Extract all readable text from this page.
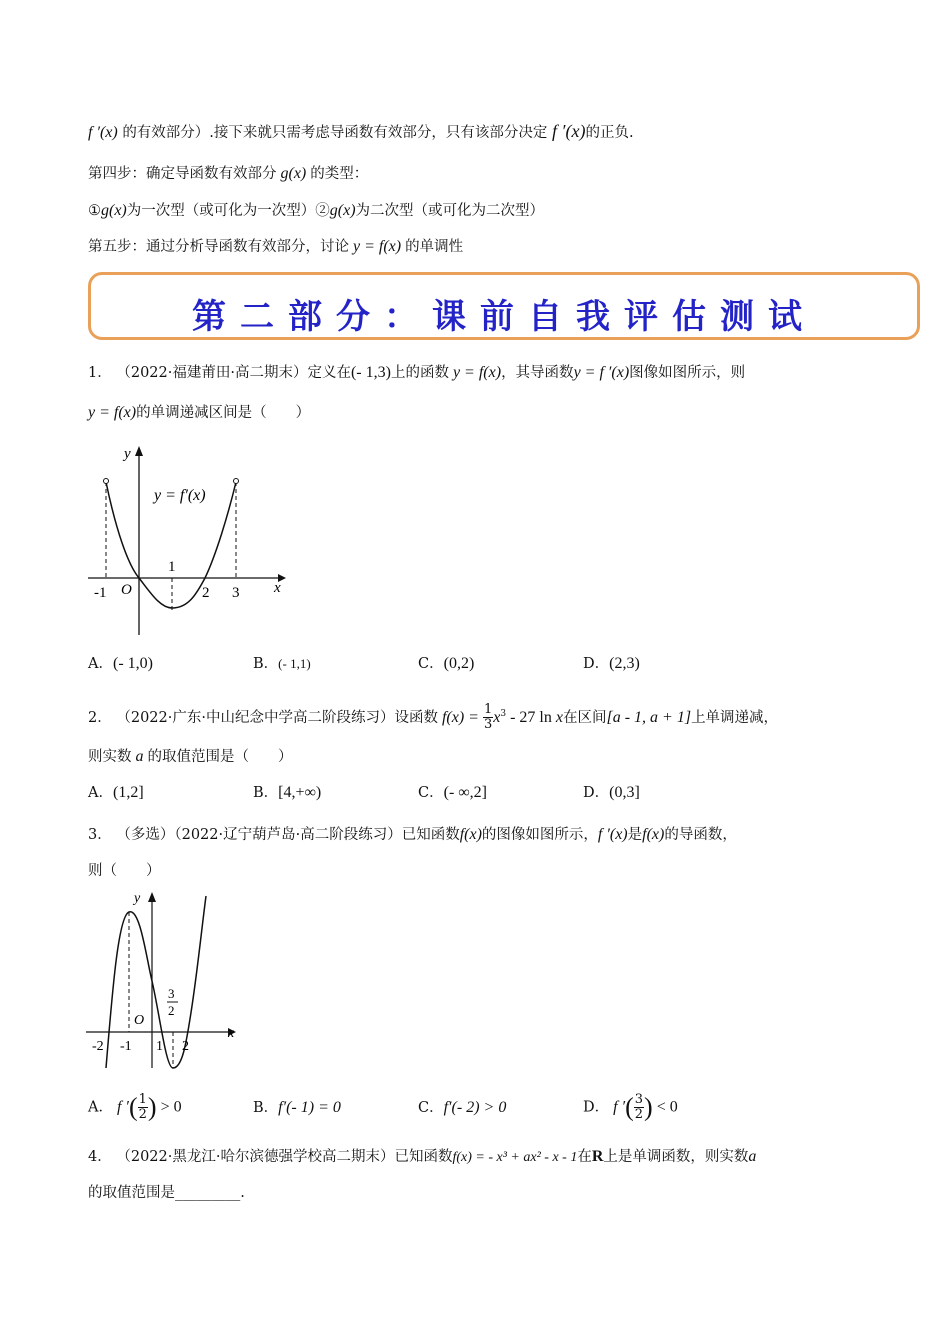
f ′(x) 的有效部分）.接下来就只需考虑导函数有效部分，只有该部分决定 f ′(x)的正负.
第四步：确定导函数有效部分 g(x) 的类型：
①g(x)为一次型（或可化为一次型）②g(x)为二次型（或可化为二次型）
第五步：通过分析导函数有效部分，讨论 y = f(x) 的单调性
第二部分：课前自我评估测试
1． （2022·福建莆田·高二期末）定义在(- 1,3)上的函数 y = f(x)，其导函数y = f ′(x)图像如图所示，则
y = f(x)的单调递减区间是（　　）
y
x
O
y = f′(x)
-1
1
2 3
A．(- 1,0)	B．(- 1,1)	C．(0,2)	D．(2,3)
2． （2022·广东·中山纪念中学高二阶段练习）设函数 $f(x) = \frac{1}{3} x^3 - 27$ ln x在区间[a - 1, a + 1]上单调递减，
则实数 a 的取值范围是（　　）
A．(1,2]	B．[4,+∞)	C．(- ∞,2]	D．(0,3]
3． （多选）（2022·辽宁葫芦岛·高二阶段练习）已知函数f(x)的图像如图所示，f ′(x)是f(x)的导函数，
则（　　）
y
x
O
-2 -1 1 2
3
2
A． f ′( $\frac{1}{2}$ ) > 0	B．f′(- 1) = 0	C．f′(- 2) > 0	D． f ′( $\frac{3}{2}$ ) < 0
4． （2022·黑龙江·哈尔滨德强学校高二期末）已知函数f(x) = - x³ + ax² - x - 1在R上是单调函数，则实数a
的取值范围是_________.
